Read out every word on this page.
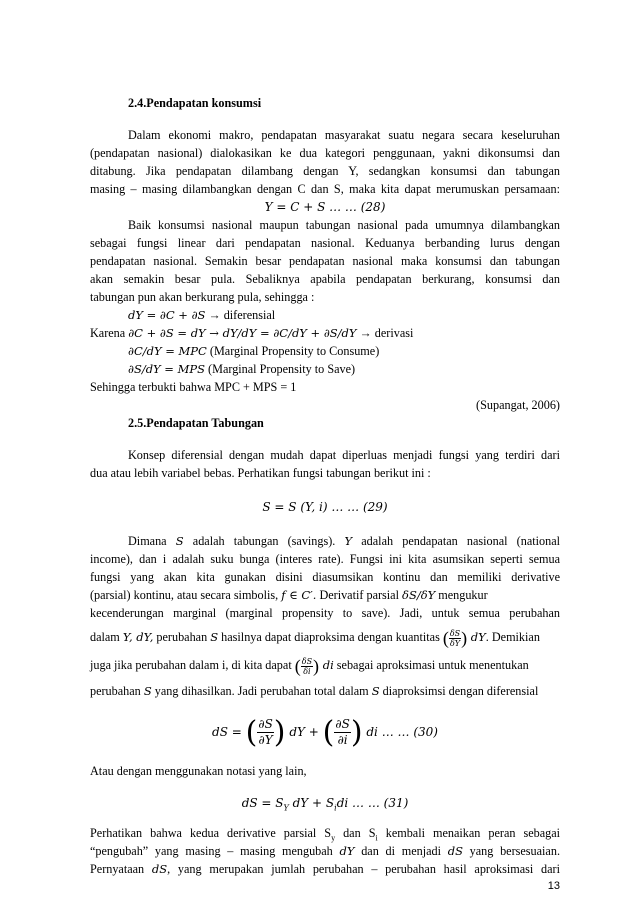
2.4.Pendapatan konsumsi
Dalam ekonomi makro, pendapatan masyarakat suatu negara secara keseluruhan
(pendapatan nasional) dialokasikan ke dua kategori penggunaan, yakni dikonsumsi dan
ditabung. Jika pendapatan dilambang dengan Y, sedangkan konsumsi dan tabungan
masing – masing dilambangkan dengan C dan S, maka kita dapat merumuskan persamaan:
Y = C + S … … (28)
Baik konsumsi nasional maupun tabungan nasional pada umumnya dilambangkan
sebagai fungsi linear dari pendapatan nasional. Keduanya berbanding lurus dengan
pendapatan nasional. Semakin besar pendapatan nasional maka konsumsi dan tabungan
akan semakin besar pula. Sebaliknya apabila pendapatan berkurang, konsumsi dan
tabungan pun akan berkurang pula, sehingga :
dY = ∂C + ∂S → diferensial
Karena ∂C + ∂S = dY → dY/dY = ∂C/dY + ∂S/dY → derivasi
∂C/dY = MPC (Marginal Propensity to Consume)
∂S/dY = MPS (Marginal Propensity to Save)
Sehingga terbukti bahwa MPC + MPS = 1
(Supangat, 2006)
2.5.Pendapatan Tabungan
Konsep diferensial dengan mudah dapat diperluas menjadi fungsi yang terdiri dari
dua atau lebih variabel bebas. Perhatikan fungsi tabungan berikut ini :
S = S (Y, i) … … (29)
Dimana S adalah tabungan (savings). Y adalah pendapatan nasional (national
income), dan i adalah suku bunga (interes rate). Fungsi ini kita asumsikan seperti semua
fungsi yang akan kita gunakan disini diasumsikan kontinu dan memiliki derivative
(parsial) kontinu, atau secara simbolis, f ∈ C′. Derivatif parsial δS/δY mengukur
kecenderungan marginal (marginal propensity to save). Jadi, untuk semua perubahan
dalam Y, dY, perubahan S hasilnya dapat diaproksima dengan kuantitas ( $\frac{\delta S}{\delta Y}$ ) dY. Demikian
juga jika perubahan dalam i, di kita dapat ( $\frac{\delta S}{\delta i}$ ) di sebagai aproksimasi untuk menentukan
perubahan S yang dihasilkan. Jadi perubahan total dalam S diaproksimsi dengan diferensial
dS = ( $\frac{\partial S}{\partial Y}$ ) dY + ( $\frac{\partial S}{\partial i}$ ) di … … (30)
Atau dengan menggunakan notasi yang lain,
dS = $S_Y$ dY + $S_idi$ … … (31)
Perhatikan bahwa kedua derivative parsial $S_y$ dan $S_i$ kembali menaikan peran sebagai
“pengubah” yang masing – masing mengubah dY dan di menjadi dS yang bersesuaian.
Pernyataan dS, yang merupakan jumlah perubahan – perubahan hasil aproksimasi dari
13
